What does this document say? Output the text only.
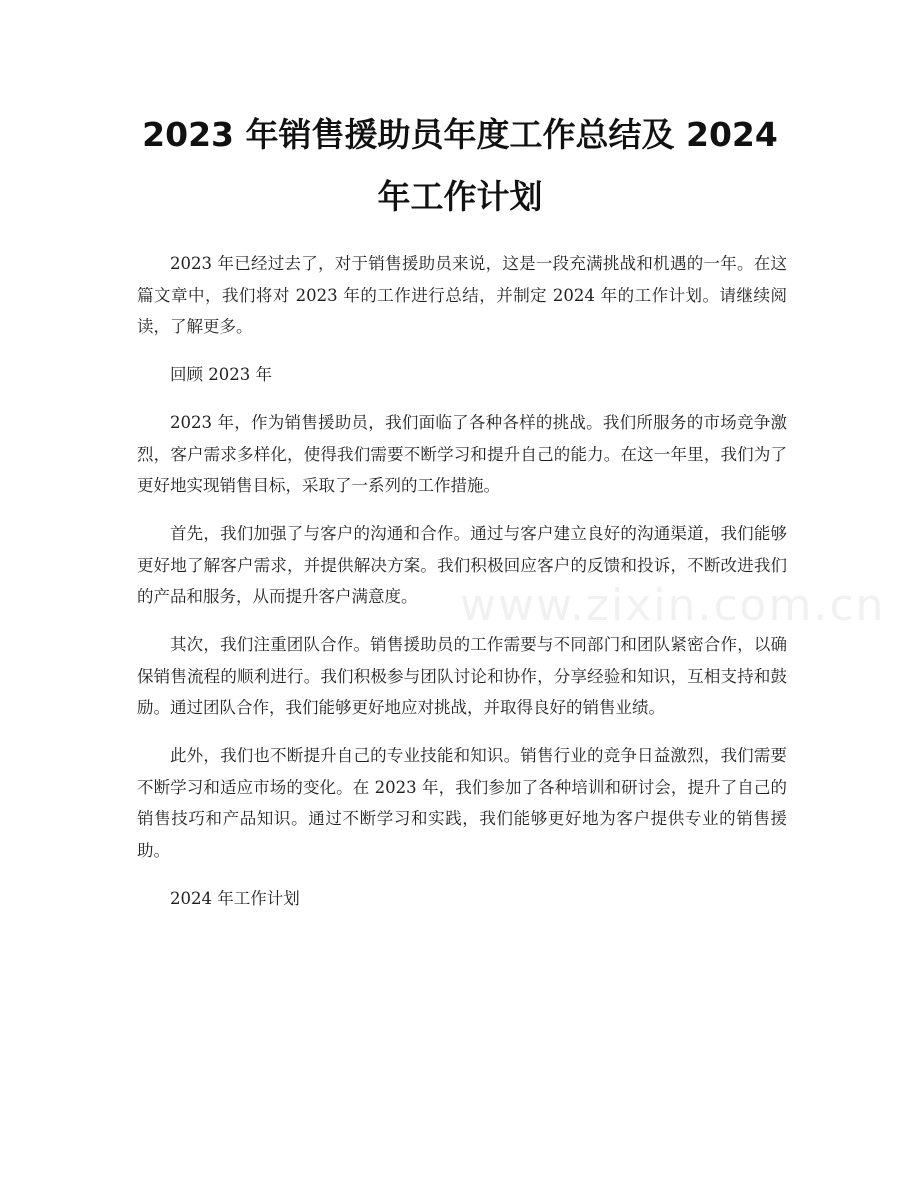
2023 年销售援助员年度工作总结及 2024 年工作计划

2023 年已经过去了，对于销售援助员来说，这是一段充满挑战和机遇的一年。在这篇文章中，我们将对 2023 年的工作进行总结，并制定 2024 年的工作计划。请继续阅读，了解更多。

回顾 2023 年

2023 年，作为销售援助员，我们面临了各种各样的挑战。我们所服务的市场竞争激烈，客户需求多样化，使得我们需要不断学习和提升自己的能力。在这一年里，我们为了更好地实现销售目标，采取了一系列的工作措施。

首先，我们加强了与客户的沟通和合作。通过与客户建立良好的沟通渠道，我们能够更好地了解客户需求，并提供解决方案。我们积极回应客户的反馈和投诉，不断改进我们的产品和服务，从而提升客户满意度。

其次，我们注重团队合作。销售援助员的工作需要与不同部门和团队紧密合作，以确保销售流程的顺利进行。我们积极参与团队讨论和协作，分享经验和知识，互相支持和鼓励。通过团队合作，我们能够更好地应对挑战，并取得良好的销售业绩。

此外，我们也不断提升自己的专业技能和知识。销售行业的竞争日益激烈，我们需要不断学习和适应市场的变化。在 2023 年，我们参加了各种培训和研讨会，提升了自己的销售技巧和产品知识。通过不断学习和实践，我们能够更好地为客户提供专业的销售援助。

2024 年工作计划

www.zixin.com.cn
